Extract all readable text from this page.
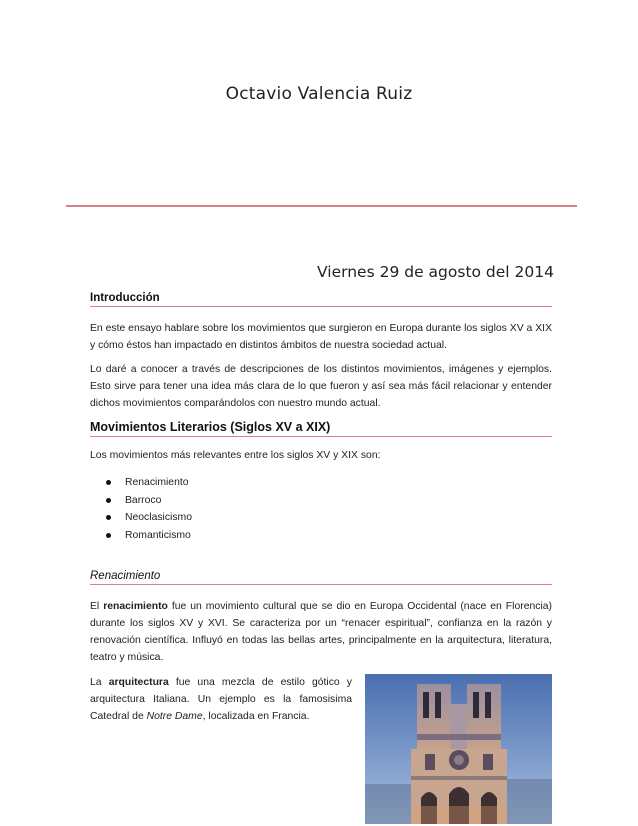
Octavio Valencia Ruiz
Viernes 29 de agosto del 2014
Introducción

En este ensayo hablare sobre los movimientos que surgieron en Europa durante los siglos XV a XIX y cómo éstos han impactado en distintos ámbitos de nuestra sociedad actual.

Lo daré a conocer a través de descripciones de los distintos movimientos, imágenes y ejemplos. Esto sirve para tener una idea más clara de lo que fueron y así sea más fácil relacionar y entender dichos movimientos comparándolos con nuestro mundo actual.

Movimientos Literarios (Siglos XV a XIX)

Los movimientos más relevantes entre los siglos XV y XIX son:

Renacimiento
Barroco
Neoclasicismo
Romanticismo
Renacimiento

El renacimiento fue un movimiento cultural que se dio en Europa Occidental (nace en Florencia) durante los siglos XV y XVI. Se caracteriza por un “renacer espiritual”, confianza en la razón y renovación científica. Influyó en todas las bellas artes, principalmente en la arquitectura, literatura, teatro y música.

La arquitectura fue una mezcla de estilo gótico y arquitectura Italiana. Un ejemplo es la famosisima Catedral de Notre Dame, localizada en Francia.
